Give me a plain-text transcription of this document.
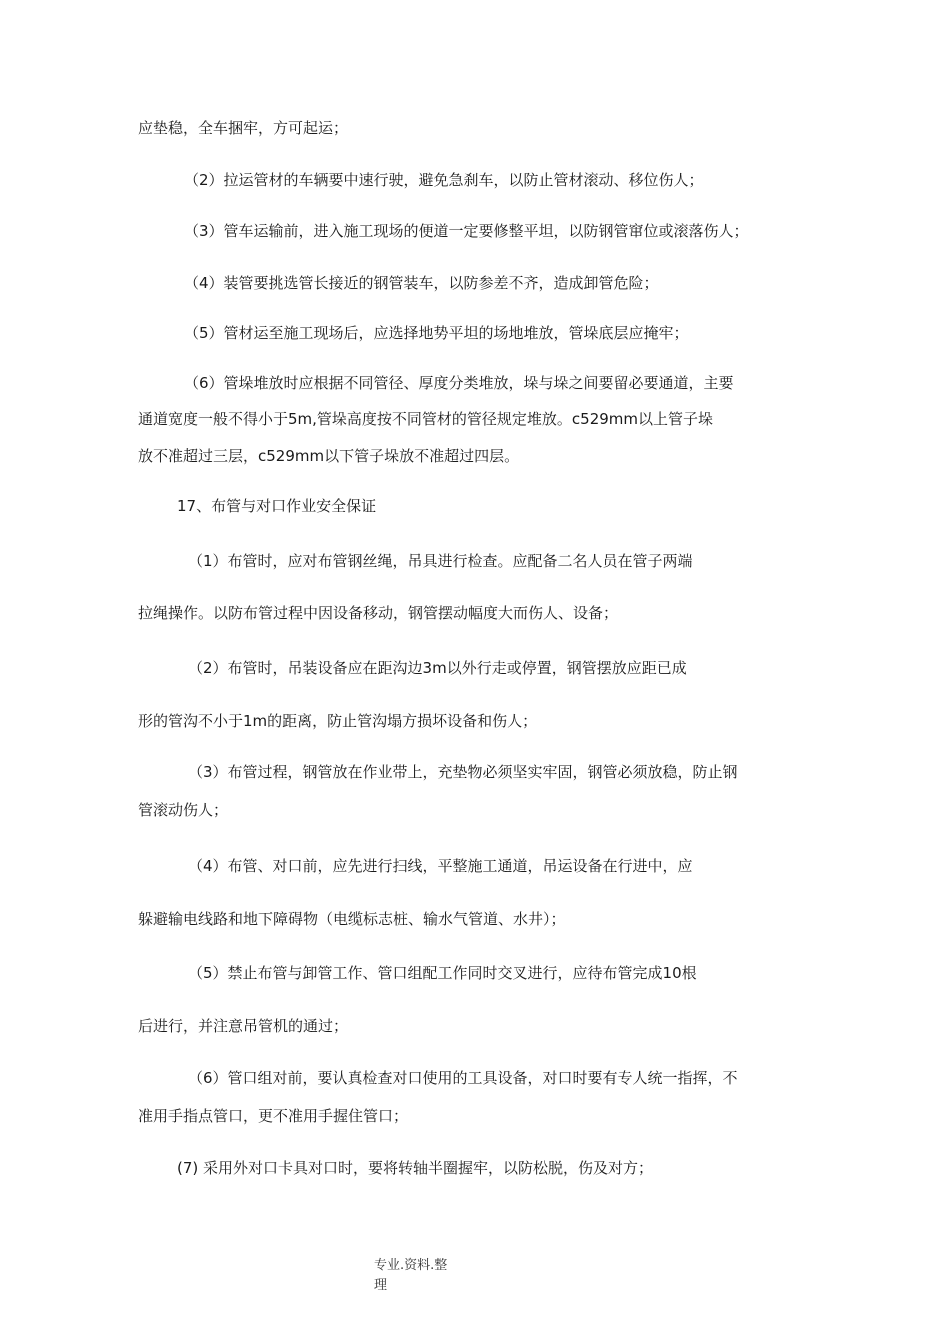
应垫稳，全车捆牢，方可起运；
（2）拉运管材的车辆要中速行驶，避免急刹车，以防止管材滚动、移位伤人；
（3）管车运输前，进入施工现场的便道一定要修整平坦，以防钢管窜位或滚落伤人；
（4）装管要挑选管长接近的钢管装车，以防参差不齐，造成卸管危险；
（5）管材运至施工现场后，应选择地势平坦的场地堆放，管垛底层应掩牢；
（6）管垛堆放时应根据不同管径、厚度分类堆放，垛与垛之间要留必要通道，主要
通道宽度一般不得小于5m,管垛高度按不同管材的管径规定堆放。c529mm以上管子垛
放不准超过三层，c529mm以下管子垛放不准超过四层。
17、布管与对口作业安全保证
（1）布管时，应对布管钢丝绳，吊具进行检查。应配备二名人员在管子两端
拉绳操作。以防布管过程中因设备移动，钢管摆动幅度大而伤人、设备；
（2）布管时，吊装设备应在距沟边3m以外行走或停置，钢管摆放应距已成
形的管沟不小于1m的距离，防止管沟塌方损坏设备和伤人；
（3）布管过程，钢管放在作业带上，充垫物必须坚实牢固，钢管必须放稳，防止钢
管滚动伤人；
（4）布管、对口前，应先进行扫线，平整施工通道，吊运设备在行进中，应
躲避输电线路和地下障碍物（电缆标志桩、输水气管道、水井）；
（5）禁止布管与卸管工作、管口组配工作同时交叉进行，应待布管完成10根
后进行，并注意吊管机的通过；
（6）管口组对前，要认真检查对口使用的工具设备，对口时要有专人统一指挥，不
准用手指点管口，更不准用手握住管口；
(7) 采用外对口卡具对口时，要将转轴半圈握牢，以防松脱，伤及对方；
专业.资料.整
理
